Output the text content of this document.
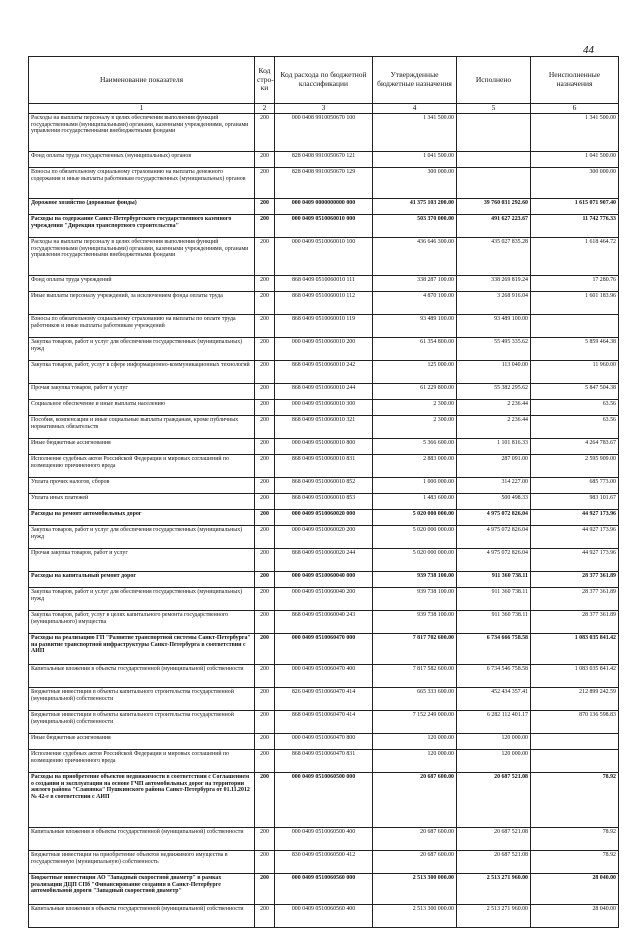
44
Наименование показателя	Код стро- ки	Код расхода по бюджетной классификации	Утвержденные бюджетные назначения	Исполнено	Неисполненные назначения
1	2	3	4	5	6
Расходы на выплаты персоналу в целях обеспечения выполнения функций государственными (муниципальными) органами, казенными учреждениями, органами управления государственными внебюджетными фондами	200	000 0408 9910050670 100	1 341 500.00		1 341 500.00
Фонд оплаты труда государственных (муниципальных) органов	200	828 0408 9910050670 121	1 041 500.00		1 041 500.00
Взносы по обязательному социальному страхованию на выплаты денежного содержания и иные выплаты работникам государственных (муниципальных) органов	200	828 0408 9910050670 129	300 000.00		300 000.00
Дорожное хозяйство (дорожные фонды)	200	000 0409 0000000000 000	41 375 103 200.00	39 760 031 292.60	1 615 071 907.40
Расходы на содержание Санкт-Петербургского государственного казенного учреждения "Дирекция транспортного строительства"	200	000 0409 0510060010 000	503 370 000.00	491 627 223.67	11 742 776.33
Расходы на выплаты персоналу в целях обеспечения выполнения функций государственными (муниципальными) органами, казенными учреждениями, органами управления государственными внебюджетными фондами	200	000 0409 0510060010 100	436 646 300.00	435 027 835.28	1 618 464.72
Фонд оплаты труда учреждений	200	868 0409 0510060010 111	338 287 100.00	338 269 819.24	17 280.76
Иные выплаты персоналу учреждений, за исключением фонда оплаты труда	200	868 0409 0510060010 112	4 870 100.00	3 268 916.04	1 601 183.96
Взносы по обязательному социальному страхованию на выплаты по оплате труда работников и иные выплаты работникам учреждений	200	868 0409 0510060010 119	93 489 100.00	93 489 100.00	
Закупка товаров, работ и услуг для обеспечения государственных (муниципальных) нужд	200	000 0409 0510060010 200	61 354 800.00	55 495 335.62	5 859 464.38
Закупка товаров, работ, услуг в сфере информационно-коммуникационных технологий	200	868 0409 0510060010 242	125 000.00	113 040.00	11 960.00
Прочая закупка товаров, работ и услуг	200	868 0409 0510060010 244	61 229 800.00	55 382 295.62	5 847 504.38
Социальное обеспечение и иные выплаты населению	200	000 0409 0510060010 300	2 300.00	2 236.44	63.56
Пособия, компенсации и иные социальные выплаты гражданам, кроме публичных нормативных обязательств	200	868 0409 0510060010 321	2 300.00	2 236.44	63.56
Иные бюджетные ассигнования	200	000 0409 0510060010 800	5 366 600.00	1 101 816.33	4 264 783.67
Исполнение судебных актов Российской Федерации и мировых соглашений по возмещению причиненного вреда	200	868 0409 0510060010 831	2 883 000.00	287 091.00	2 595 909.00
Уплата прочих налогов, сборов	200	868 0409 0510060010 852	1 000 000.00	314 227.00	685 773.00
Уплата иных платежей	200	868 0409 0510060010 853	1 483 600.00	500 498.33	983 101.67
Расходы на ремонт автомобильных дорог	200	000 0409 0510060020 000	5 020 000 000.00	4 975 072 826.04	44 927 173.96
Закупка товаров, работ и услуг для обеспечения государственных (муниципальных) нужд	200	000 0409 0510060020 200	5 020 000 000.00	4 975 072 826.04	44 927 173.96
Прочая закупка товаров, работ и услуг	200	868 0409 0510060020 244	5 020 000 000.00	4 975 072 826.04	44 927 173.96
Расходы на капитальный ремонт дорог	200	000 0409 0510060040 000	939 738 100.00	911 360 738.11	28 377 361.89
Закупка товаров, работ и услуг для обеспечения государственных (муниципальных) нужд	200	000 0409 0510060040 200	939 738 100.00	911 360 738.11	28 377 361.89
Закупка товаров, работ, услуг в целях капитального ремонта государственного (муниципального) имущества	200	868 0409 0510060040 243	939 738 100.00	911 360 738.11	28 377 361.89
Расходы на реализацию ГП "Развитие транспортной системы Санкт-Петербурга" на развитие транспортной инфраструктуры Санкт-Петербурга в соответствии с АИП	200	000 0409 0510060470 000	7 817 702 600.00	6 734 666 758.58	1 083 035 841.42
Капитальные вложения в объекты государственной (муниципальной) собственности	200	000 0409 0510060470 400	7 817 582 600.00	6 734 546 758.58	1 083 035 841.42
Бюджетные инвестиции в объекты капитального строительства государственной (муниципальной) собственности	200	826 0409 0510060470 414	665 333 600.00	452 434 357.41	212 899 242.59
Бюджетные инвестиции в объекты капитального строительства государственной (муниципальной) собственности	200	868 0409 0510060470 414	7 152 249 000.00	6 282 112 401.17	870 136 598.83
Иные бюджетные ассигнования	200	000 0409 0510060470 800	120 000.00	120 000.00	
Исполнение судебных актов Российской Федерации и мировых соглашений по возмещению причиненного вреда	200	868 0409 0510060470 831	120 000.00	120 000.00	
Расходы на приобретение объектов недвижимости в соответствии с Соглашением о создании и эксплуатации на основе ГЧП автомобильных дорог на территории жилого района "Славянка" Пушкинского района Санкт-Петербурга от 01.11.2012 № 42-е в соответствии с АИП	200	000 0409 0510060500 000	20 687 600.00	20 687 521.08	78.92
Капитальные вложения в объекты государственной (муниципальной) собственности	200	000 0409 0510060500 400	20 687 600.00	20 687 521.08	78.92
Бюджетные инвестиции на приобретение объектов недвижимого имущества в государственную (муниципальную) собственность	200	830 0409 0510060500 412	20 687 600.00	20 687 521.08	78.92
Бюджетные инвестиции АО "Западный скоростной диаметр" в рамках реализации ДЦП СПб "Финансирование создания в Санкт-Петербурге автомобильной дороги "Западный скоростной диаметр"	200	000 0409 0510060560 000	2 513 300 000.00	2 513 271 960.00	28 040.00
Капитальные вложения в объекты государственной (муниципальной) собственности	200	000 0409 0510060560 400	2 513 300 000.00	2 513 271 960.00	28 040.00
